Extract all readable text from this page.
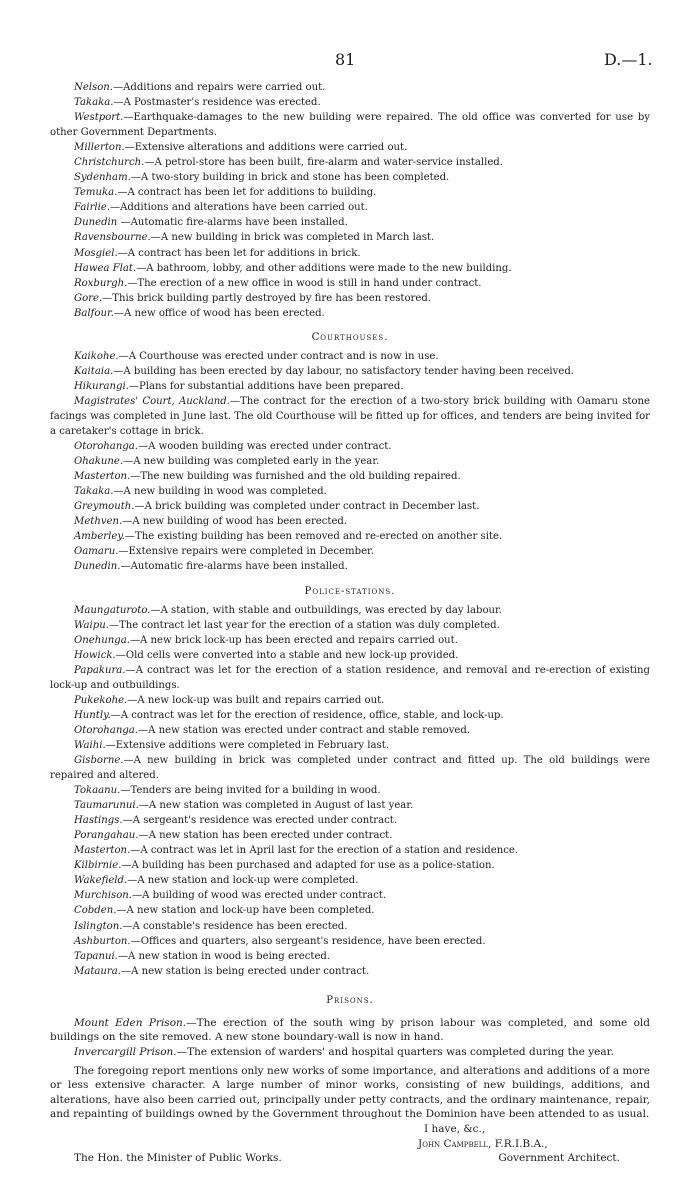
81	D.—1.

Nelson.—Additions and repairs were carried out.

Takaka.—A Postmaster's residence was erected.

Westport.—Earthquake-damages to the new building were repaired. The old office was converted for use by other Government Departments.

Millerton.—Extensive alterations and additions were carried out.

Christchurch.—A petrol-store has been built, fire-alarm and water-service installed.

Sydenham.—A two-story building in brick and stone has been completed.

Temuka.—A contract has been let for additions to building.

Fairlie.—Additions and alterations have been carried out.

Dunedin —Automatic fire-alarms have been installed.

Ravensbourne.—A new building in brick was completed in March last.

Mosgiel.—A contract has been let for additions in brick.

Hawea Flat.—A bathroom, lobby, and other additions were made to the new building.

Roxburgh.—The erection of a new office in wood is still in hand under contract.

Gore.—This brick building partly destroyed by fire has been restored.

Balfour.—A new office of wood has been erected.

Courthouses.

Kaikohe.—A Courthouse was erected under contract and is now in use.

Kaitaia.—A building has been erected by day labour, no satisfactory tender having been received.

Hikurangi.—Plans for substantial additions have been prepared.

Magistrates' Court, Auckland.—The contract for the erection of a two-story brick building with Oamaru stone facings was completed in June last. The old Courthouse will be fitted up for offices, and tenders are being invited for a caretaker's cottage in brick.

Otorohanga.—A wooden building was erected under contract.

Ohakune.—A new building was completed early in the year.

Masterton.—The new building was furnished and the old building repaired.

Takaka.—A new building in wood was completed.

Greymouth.—A brick building was completed under contract in December last.

Methven.—A new building of wood has been erected.

Amberley.—The existing building has been removed and re-erected on another site.

Oamaru.—Extensive repairs were completed in December.

Dunedin.—Automatic fire-alarms have been installed.

Police-stations.

Maungaturoto.—A station, with stable and outbuildings, was erected by day labour.

Waipu.—The contract let last year for the erection of a station was duly completed.

Onehunga.—A new brick lock-up has been erected and repairs carried out.

Howick.—Old cells were converted into a stable and new lock-up provided.

Papakura.—A contract was let for the erection of a station residence, and removal and re-erection of existing lock-up and outbuildings.

Pukekohe.—A new lock-up was built and repairs carried out.

Huntly.—A contract was let for the erection of residence, office, stable, and lock-up.

Otorohanga.—A new station was erected under contract and stable removed.

Waihi.—Extensive additions were completed in February last.

Gisborne.—A new building in brick was completed under contract and fitted up. The old buildings were repaired and altered.

Tokaanu.—Tenders are being invited for a building in wood.

Taumarunui.—A new station was completed in August of last year.

Hastings.—A sergeant's residence was erected under contract.

Porangahau.—A new station has been erected under contract.

Masterton.—A contract was let in April last for the erection of a station and residence.

Kilbirnie.—A building has been purchased and adapted for use as a police-station.

Wakefield.—A new station and lock-up were completed.

Murchison.—A building of wood was erected under contract.

Cobden.—A new station and lock-up have been completed.

Islington.—A constable's residence has been erected.

Ashburton.—Offices and quarters, also sergeant's residence, have been erected.

Tapanui.—A new station in wood is being erected.

Mataura.—A new station is being erected under contract.

Prisons.

Mount Eden Prison.—The erection of the south wing by prison labour was completed, and some old buildings on the site removed. A new stone boundary-wall is now in hand.

Invercargill Prison.—The extension of warders' and hospital quarters was completed during the year.

The foregoing report mentions only new works of some importance, and alterations and additions of a more or less extensive character. A large number of minor works, consisting of new buildings, additions, and alterations, have also been carried out, principally under petty contracts, and the ordinary maintenance, repair, and repainting of buildings owned by the Government throughout the Dominion have been attended to as usual.

I have, &c.,
John Campbell, F.R.I.B.A.,
The Hon. the Minister of Public Works.	Government Architect.
